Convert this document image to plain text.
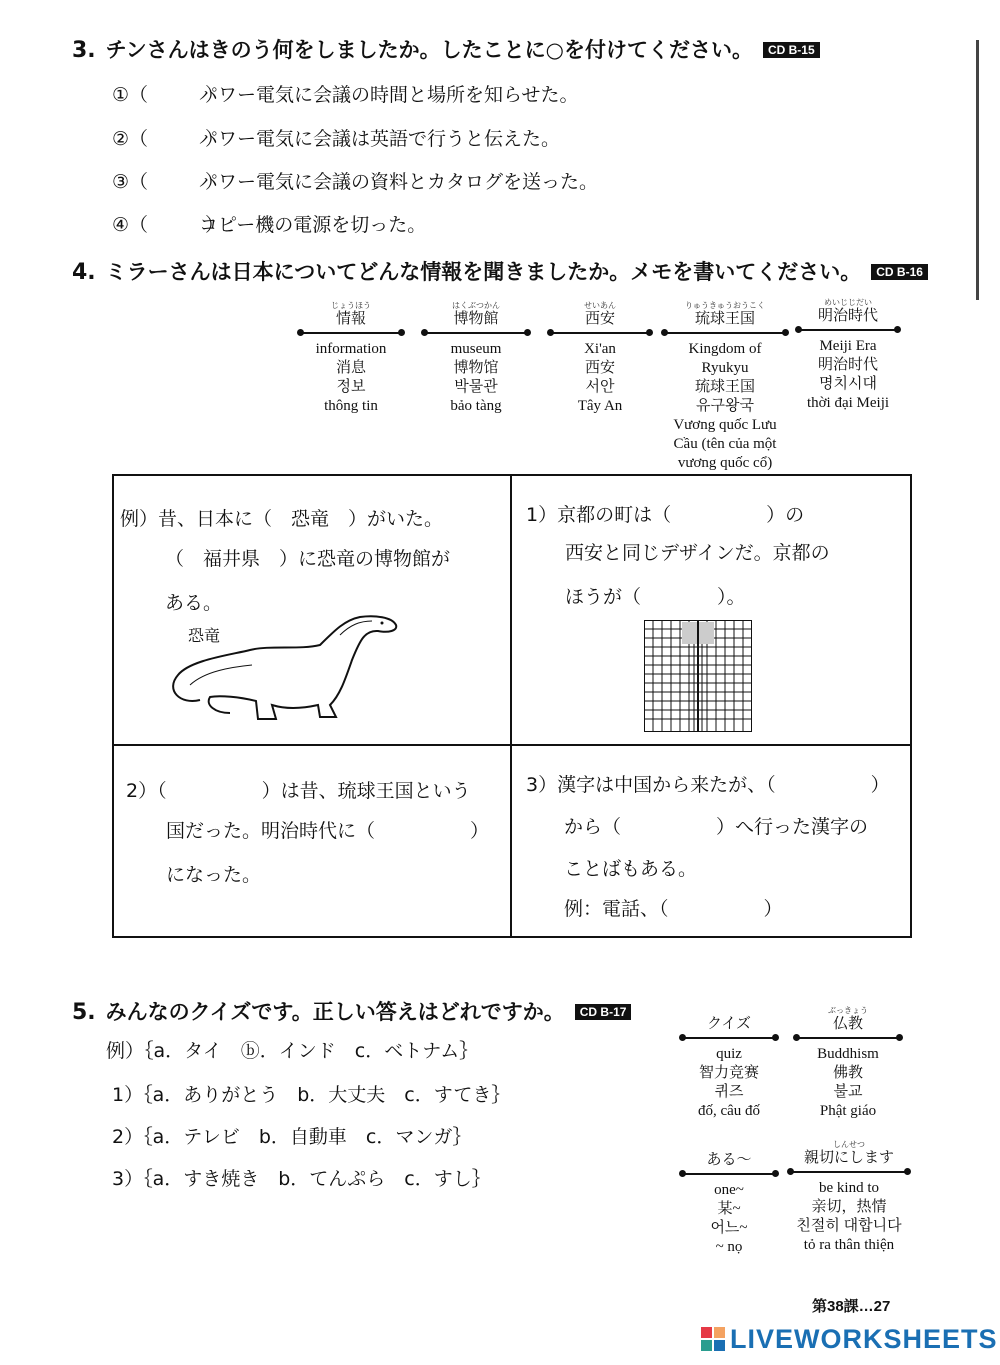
3. チンさんはきのう何をしましたか。したことに○を付けてください。 CD B-15
①（　　　）パワー電気に会議の時間と場所を知らせた。
②（　　　）パワー電気に会議は英語で行うと伝えた。
③（　　　）パワー電気に会議の資料とカタログを送った。
④（　　　）コピー機の電源を切った。
4. ミラーさんは日本についてどんな情報を聞きましたか。メモを書いてください。 CD B-16
じょうほう
情報
information
消息
정보
thông tin
はくぶつかん
博物館
museum
博物馆
박물관
bảo tàng
せいあん
西安
Xi'an
西安
서안
Tây An
りゅうきゅうおうこく
琉球王国
Kingdom of Ryukyu
琉球王国
유구왕국
Vương quốc Lưu
Cầu (tên của một
vương quốc cổ)
めいじじだい
明治時代
Meiji Era
明治时代
명치시대
thời đại Meiji
例）昔、日本に（　恐竜　）がいた。
（　福井県　）に恐竜の博物館が
ある。
恐竜
1）京都の町は（　　　　　）の
西安と同じデザインだ。京都の
ほうが（　　　　）。
2）（　　　　　）は昔、琉球王国という
国だった。明治時代に（　　　　　）
になった。
3）漢字は中国から来たが、（　　　　　）
から（　　　　　）へ行った漢字の
ことばもある。
例：電話、（　　　　　）
5. みんなのクイズです。正しい答えはどれですか。 CD B-17
例）｛a．タイ　ⓑ．インド　c．ベトナム｝
1）｛a．ありがとう　b．大丈夫　c．すてき｝
2）｛a．テレビ　b．自動車　c．マンガ｝
3）｛a．すき焼き　b．てんぷら　c．すし｝

クイズ
quiz
智力竞赛
퀴즈
đố, câu đố
ぶっきょう
仏教
Buddhism
佛教
불교
Phật giáo

ある～
one~
某~
어느~
~ nọ
しんせつ
親切にします
be kind to
亲切，热情
친절히 대합니다
tỏ ra thân thiện
第38課…27
LIVEWORKSHEETS
